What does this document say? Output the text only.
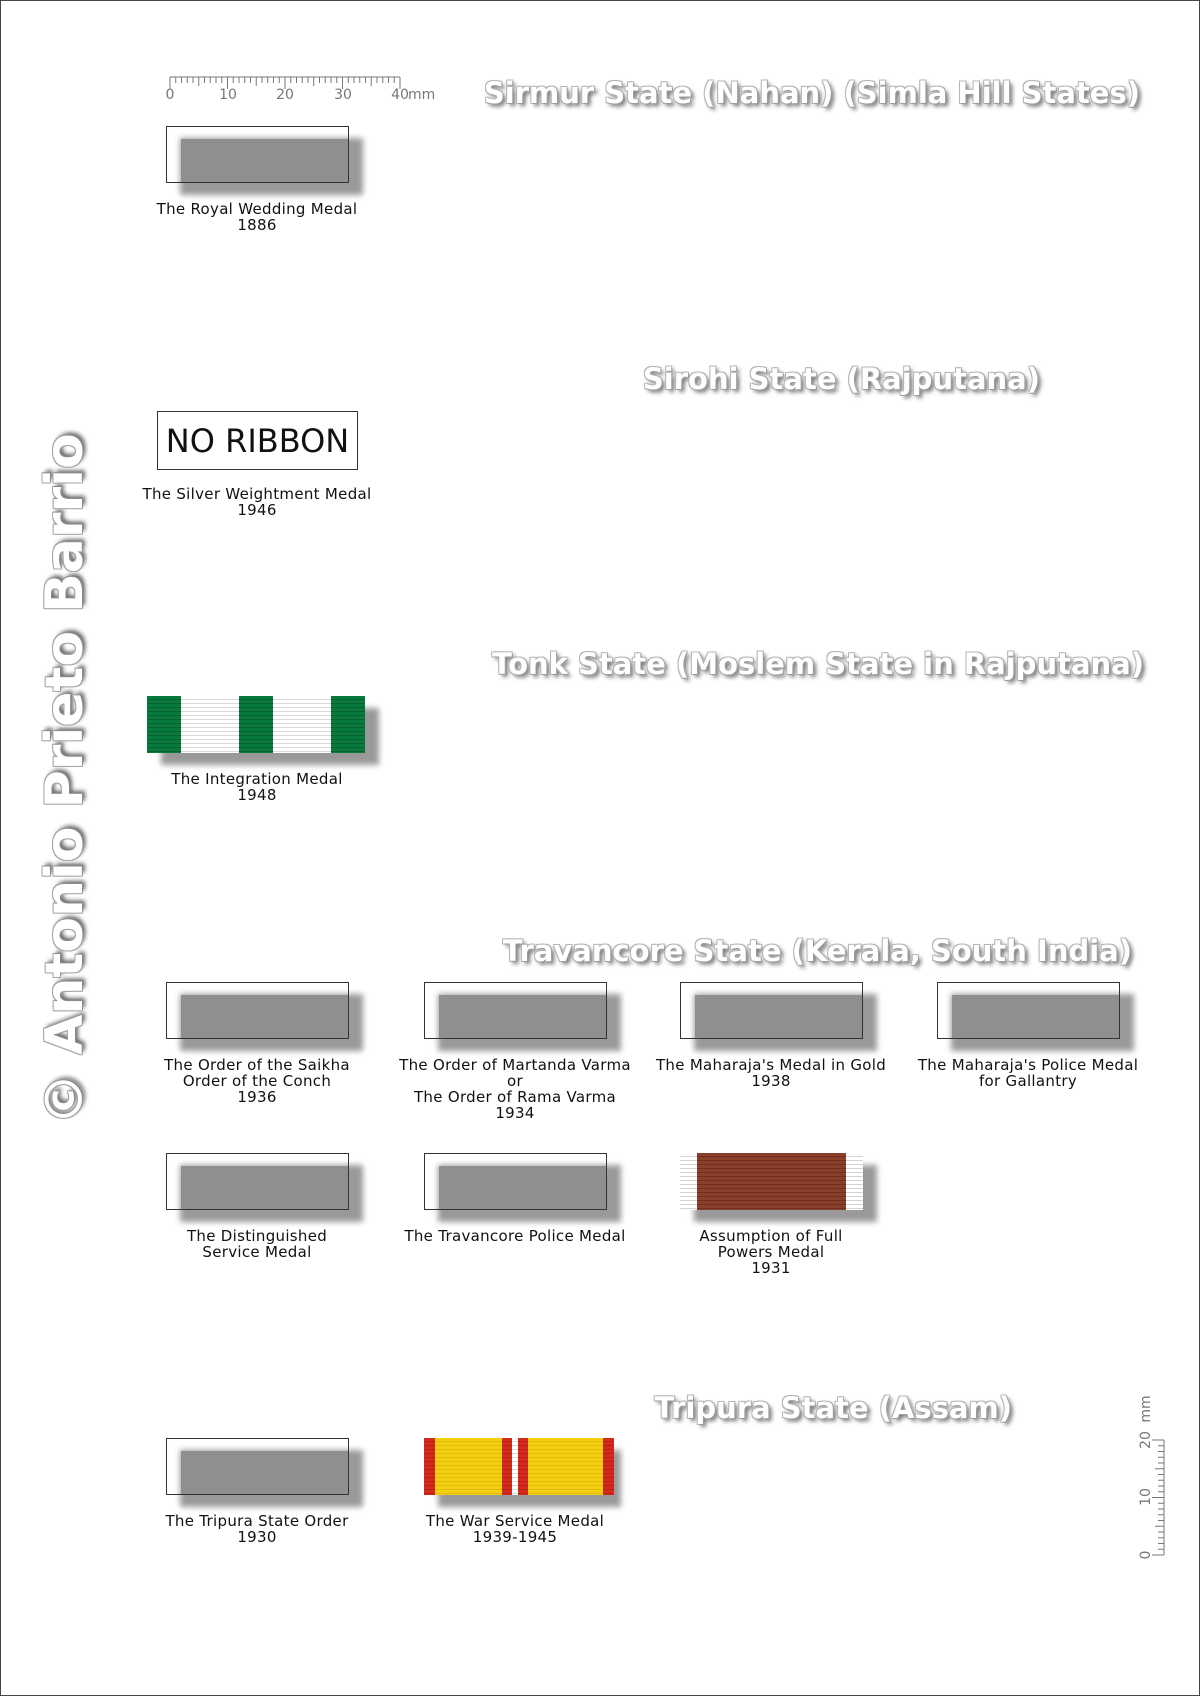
© Antonio Prieto Barrio
0	10	20	30	40 mm
0
10
20
mm
Sirmur State (Nahan) (Simla Hill States)
The Royal Wedding Medal
1886
Sirohi State (Rajputana)
NO RIBBON
The Silver Weightment Medal
1946
Tonk State (Moslem State in Rajputana)
The Integration Medal
1948
Travancore State (Kerala, South India)
The Order of the Saikha
Order of the Conch
1936
The Order of Martanda Varma
or
The Order of Rama Varma
1934
The Maharaja's Medal in Gold
1938
The Maharaja's Police Medal
for Gallantry
The Distinguished
Service Medal
The Travancore Police Medal	Assumption of Full
Powers Medal
1931
Tripura State (Assam)
The Tripura State Order
1930
The War Service Medal
1939-1945
